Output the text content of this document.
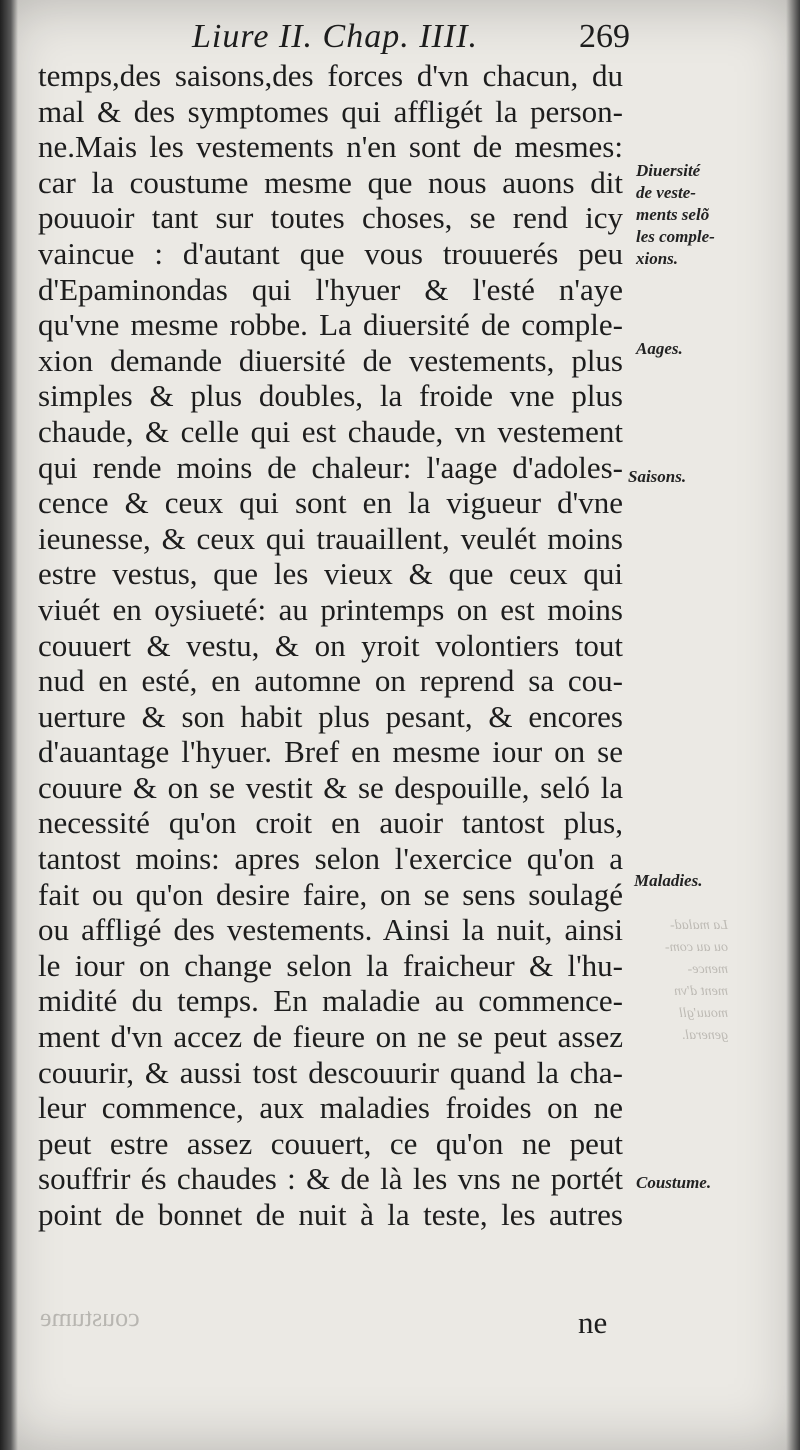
Liure II. Chap. IIII.	269
temps,des saisons,des forces d'vn chacun, du
mal & des symptomes qui affligét la person-
ne.Mais les vestements n'en sont de mesmes:
car la coustume mesme que nous auons dit
pouuoir tant sur toutes choses, se rend icy
vaincue : d'autant que vous trouuerés peu
d'Epaminondas qui l'hyuer & l'esté n'aye
qu'vne mesme robbe. La diuersité de comple-
xion demande diuersité de vestements, plus
simples & plus doubles, la froide vne plus
chaude, & celle qui est chaude, vn vestement
qui rende moins de chaleur: l'aage d'adoles-
cence & ceux qui sont en la vigueur d'vne
ieunesse, & ceux qui trauaillent, veulét moins
estre vestus, que les vieux & que ceux qui
viuét en oysiueté: au printemps on est moins
couuert & vestu, & on yroit volontiers tout
nud en esté, en automne on reprend sa cou-
uerture & son habit plus pesant, & encores
d'auantage l'hyuer. Bref en mesme iour on se
couure & on se vestit & se despouille, seló la
necessité qu'on croit en auoir tantost plus,
tantost moins: apres selon l'exercice qu'on a
fait ou qu'on desire faire, on se sens soulagé
ou affligé des vestements. Ainsi la nuit, ainsi
le iour on change selon la fraicheur & l'hu-
midité du temps. En maladie au commence-
ment d'vn accez de fieure on ne se peut assez
couurir, & aussi tost descouurir quand la cha-
leur commence, aux maladies froides on ne
peut estre assez couuert, ce qu'on ne peut
souffrir és chaudes : & de là les vns ne portét
point de bonnet de nuit à la teste, les autres
Diuersité
de veste-
ments selõ
les comple-
xions.
Aages.
Saisons.
Maladies.
Coustume.
La malad-
ou au com-
mence-
ment d'vn
mouu'gll
general.
coustume	ne
